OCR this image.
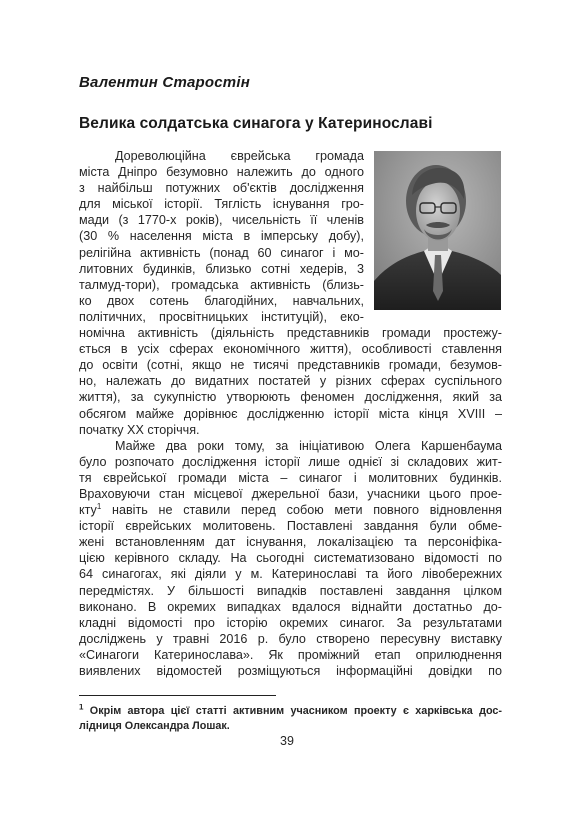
Валентин Старостін
Велика солдатська синагога у Катеринославі
Дореволюційна єврейська громада
міста Дніпро безумовно належить до одного
з найбільш потужних об'єктів дослідження
для міської історії. Тяглість існування гро-
мади (з 1770-х років), чисельність її членів
(30 % населення міста в імперську добу),
релігійна активність (понад 60 синагог і мо-
литовних будинків, близько сотні хедерів, 3
талмуд-тори), громадська активність (близь-
ко двох сотень благодійних, навчальних,
політичних, просвітницьких інституцій), еко-
номічна активність (діяльність представників громади простежу-
ється в усіх сферах економічного життя), особливості ставлення
до освіти (сотні, якщо не тисячі представників громади, безумов-
но, належать до видатних постатей у різних сферах суспільного
життя), за сукупністю утворюють феномен дослідження, який за
обсягом майже дорівнює дослідженню історії міста кінця XVIII –
початку XX сторіччя.
Майже два роки тому, за ініціативою Олега Каршенбаума
було розпочато дослідження історії лише однієї зі складових жит-
тя єврейської громади міста – синагог і молитовних будинків.
Враховуючи стан місцевої джерельної бази, учасники цього прое-
кту$^1$ навіть не ставили перед собою мети повного відновлення
історії єврейських молитовень. Поставлені завдання були обме-
жені встановленням дат існування, локалізацією та персоніфіка-
цією керівного складу. На сьогодні систематизовано відомості по
64 синагогах, які діяли у м. Катеринославі та його лівобережних
передмістях. У більшості випадків поставлені завдання цілком
виконано. В окремих випадках вдалося віднайти достатньо до-
кладні відомості про історію окремих синагог. За результатами
досліджень у травні 2016 р. було створено пересувну виставку
«Синагоги Катеринослава». Як проміжний етап оприлюднення
виявлених відомостей розміщуються інформаційні довідки по
$^1$ Окрім автора цієї статті активним учасником проекту є харківська дос-
лідниця Олександра Лошак.
39
